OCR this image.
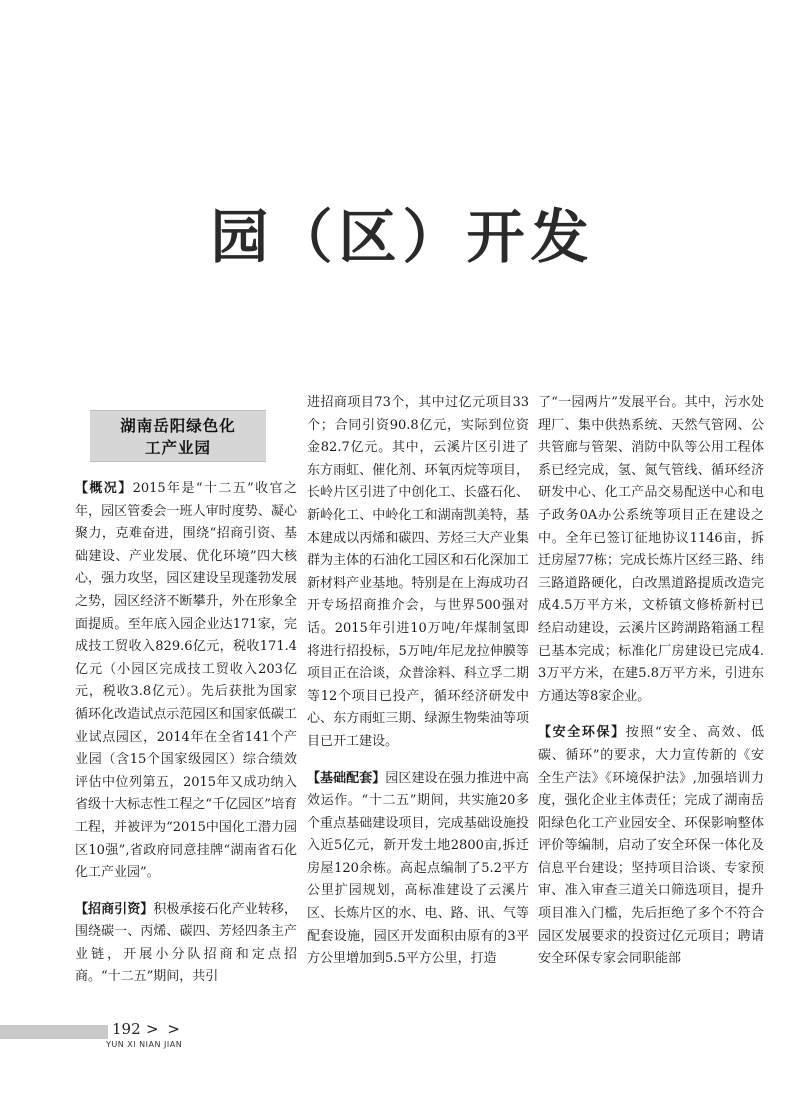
园（区）开发
湖南岳阳绿色化
工产业园

【概况】2015年是“十二五”收官之年，园区管委会一班人审时度势、凝心聚力，克难奋进，围绕“招商引资、基础建设、产业发展、优化环境”四大核心，强力攻坚，园区建设呈现蓬勃发展之势，园区经济不断攀升，外在形象全面提质。至年底入园企业达171家，完成技工贸收入829.6亿元，税收171.4亿元（小园区完成技工贸收入203亿元，税收3.8亿元）。先后获批为国家循环化改造试点示范园区和国家低碳工业试点园区，2014年在全省141个产业园（含15个国家级园区）综合绩效评估中位列第五，2015年又成功纳入省级十大标志性工程之“千亿园区”培育工程，并被评为“2015中国化工潜力园区10强”,省政府同意挂牌“湖南省石化化工产业园”。

【招商引资】积极承接石化产业转移，围绕碳一、丙烯、碳四、芳烃四条主产业链，开展小分队招商和定点招商。“十二五”期间，共引

进招商项目73个，其中过亿元项目33个；合同引资90.8亿元，实际到位资金82.7亿元。其中，云溪片区引进了东方雨虹、催化剂、环氧丙烷等项目，长岭片区引进了中创化工、长盛石化、新岭化工、中岭化工和湖南凯美特，基本建成以丙烯和碳四、芳烃三大产业集群为主体的石油化工园区和石化深加工新材料产业基地。特别是在上海成功召开专场招商推介会，与世界500强对话。2015年引进10万吨/年煤制氢即将进行招投标，5万吨/年尼龙拉伸膜等项目正在洽谈，众普涂料、科立孚二期等12个项目已投产，循环经济研发中心、东方雨虹三期、绿源生物柴油等项目已开工建设。

【基础配套】园区建设在强力推进中高效运作。“十二五”期间，共实施20多个重点基础建设项目，完成基础设施投入近5亿元，新开发土地2800亩,拆迁房屋120余栋。高起点编制了5.2平方公里扩园规划，高标准建设了云溪片区、长炼片区的水、电、路、讯、气等配套设施，园区开发面积由原有的3平方公里增加到5.5平方公里，打造

了“一园两片”发展平台。其中，污水处理厂、集中供热系统、天然气管网、公共管廊与管架、消防中队等公用工程体系已经完成，氢、氮气管线、循环经济研发中心、化工产品交易配送中心和电子政务0A办公系统等项目正在建设之中。全年已签订征地协议1146亩，拆迁房屋77栋；完成长炼片区经三路、纬三路道路硬化，白改黑道路提质改造完成4.5万平方米，文桥镇文修桥新村已经启动建设，云溪片区跨湖路箱涵工程已基本完成；标准化厂房建设已完成4.3万平方米，在建5.8万平方米，引进东方通达等8家企业。

【安全环保】按照“安全、高效、低碳、循环”的要求，大力宣传新的《安全生产法》《环境保护法》,加强培训力度，强化企业主体责任；完成了湖南岳阳绿色化工产业园安全、环保影响整体评价等编制，启动了安全环保一体化及信息平台建设；坚持项目洽谈、专家预审、准入审查三道关口筛选项目，提升项目准入门槛，先后拒绝了多个不符合园区发展要求的投资过亿元项目；聘请安全环保专家会同职能部

192 > >
YUN XI NIAN JIAN
